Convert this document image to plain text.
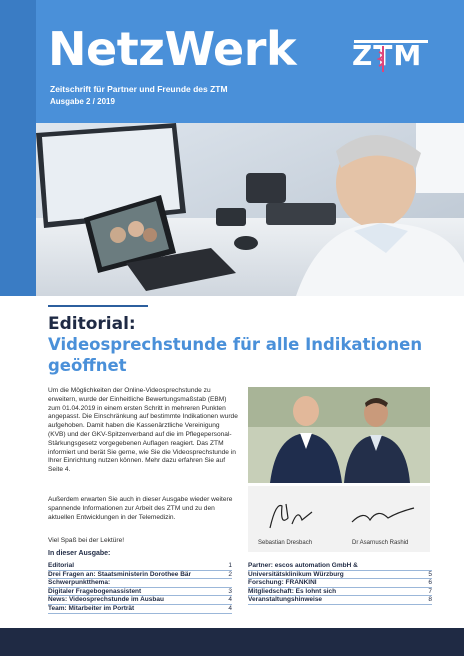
NetzWerk
Zeitschrift für Partner und Freunde des ZTM
Ausgabe 2 / 2019
ZTM
Editorial:
Videosprechstunde für alle Indikationen geöffnet
Um die Möglichkeiten der Online-Videosprechstunde zu erweitern, wurde der Einheitliche Bewertungsmaßstab (EBM) zum 01.04.2019 in einem ersten Schritt in mehreren Punkten angepasst. Die Einschränkung auf bestimmte Indikationen wurde aufgehoben. Damit haben die Kassenärztliche Vereinigung (KVB) und der GKV-Spitzenverband auf die im Pflegepersonal-Stärkungsgesetz vorgegebenen Auflagen reagiert. Das ZTM informiert und berät Sie gerne, wie Sie die Videosprechstunde in Ihrer Einrichtung nutzen können. Mehr dazu erfahren Sie auf Seite 4.
Außerdem erwarten Sie auch in dieser Ausgabe wieder weitere spannende Informationen zur Arbeit des ZTM und zu den aktuellen Entwicklungen in der Telemedizin.
Viel Spaß bei der Lektüre!	Sebastian Dresbach	Dr Asarnusch Rashid
In dieser Ausgabe:
Editorial	1
Drei Fragen an: Staatsministerin Dorothee Bär	2
Schwerpunktthema:
Digitaler Fragebogenassistent	3
News: Videosprechstunde im Ausbau	4
Team: Mitarbeiter im Porträt	4
Partner: escos automation GmbH &
Universitätsklinikum Würzburg	5
Forschung: FRANKINI	6
Mitgliedschaft: Es lohnt sich	7
Veranstaltungshinweise	8
